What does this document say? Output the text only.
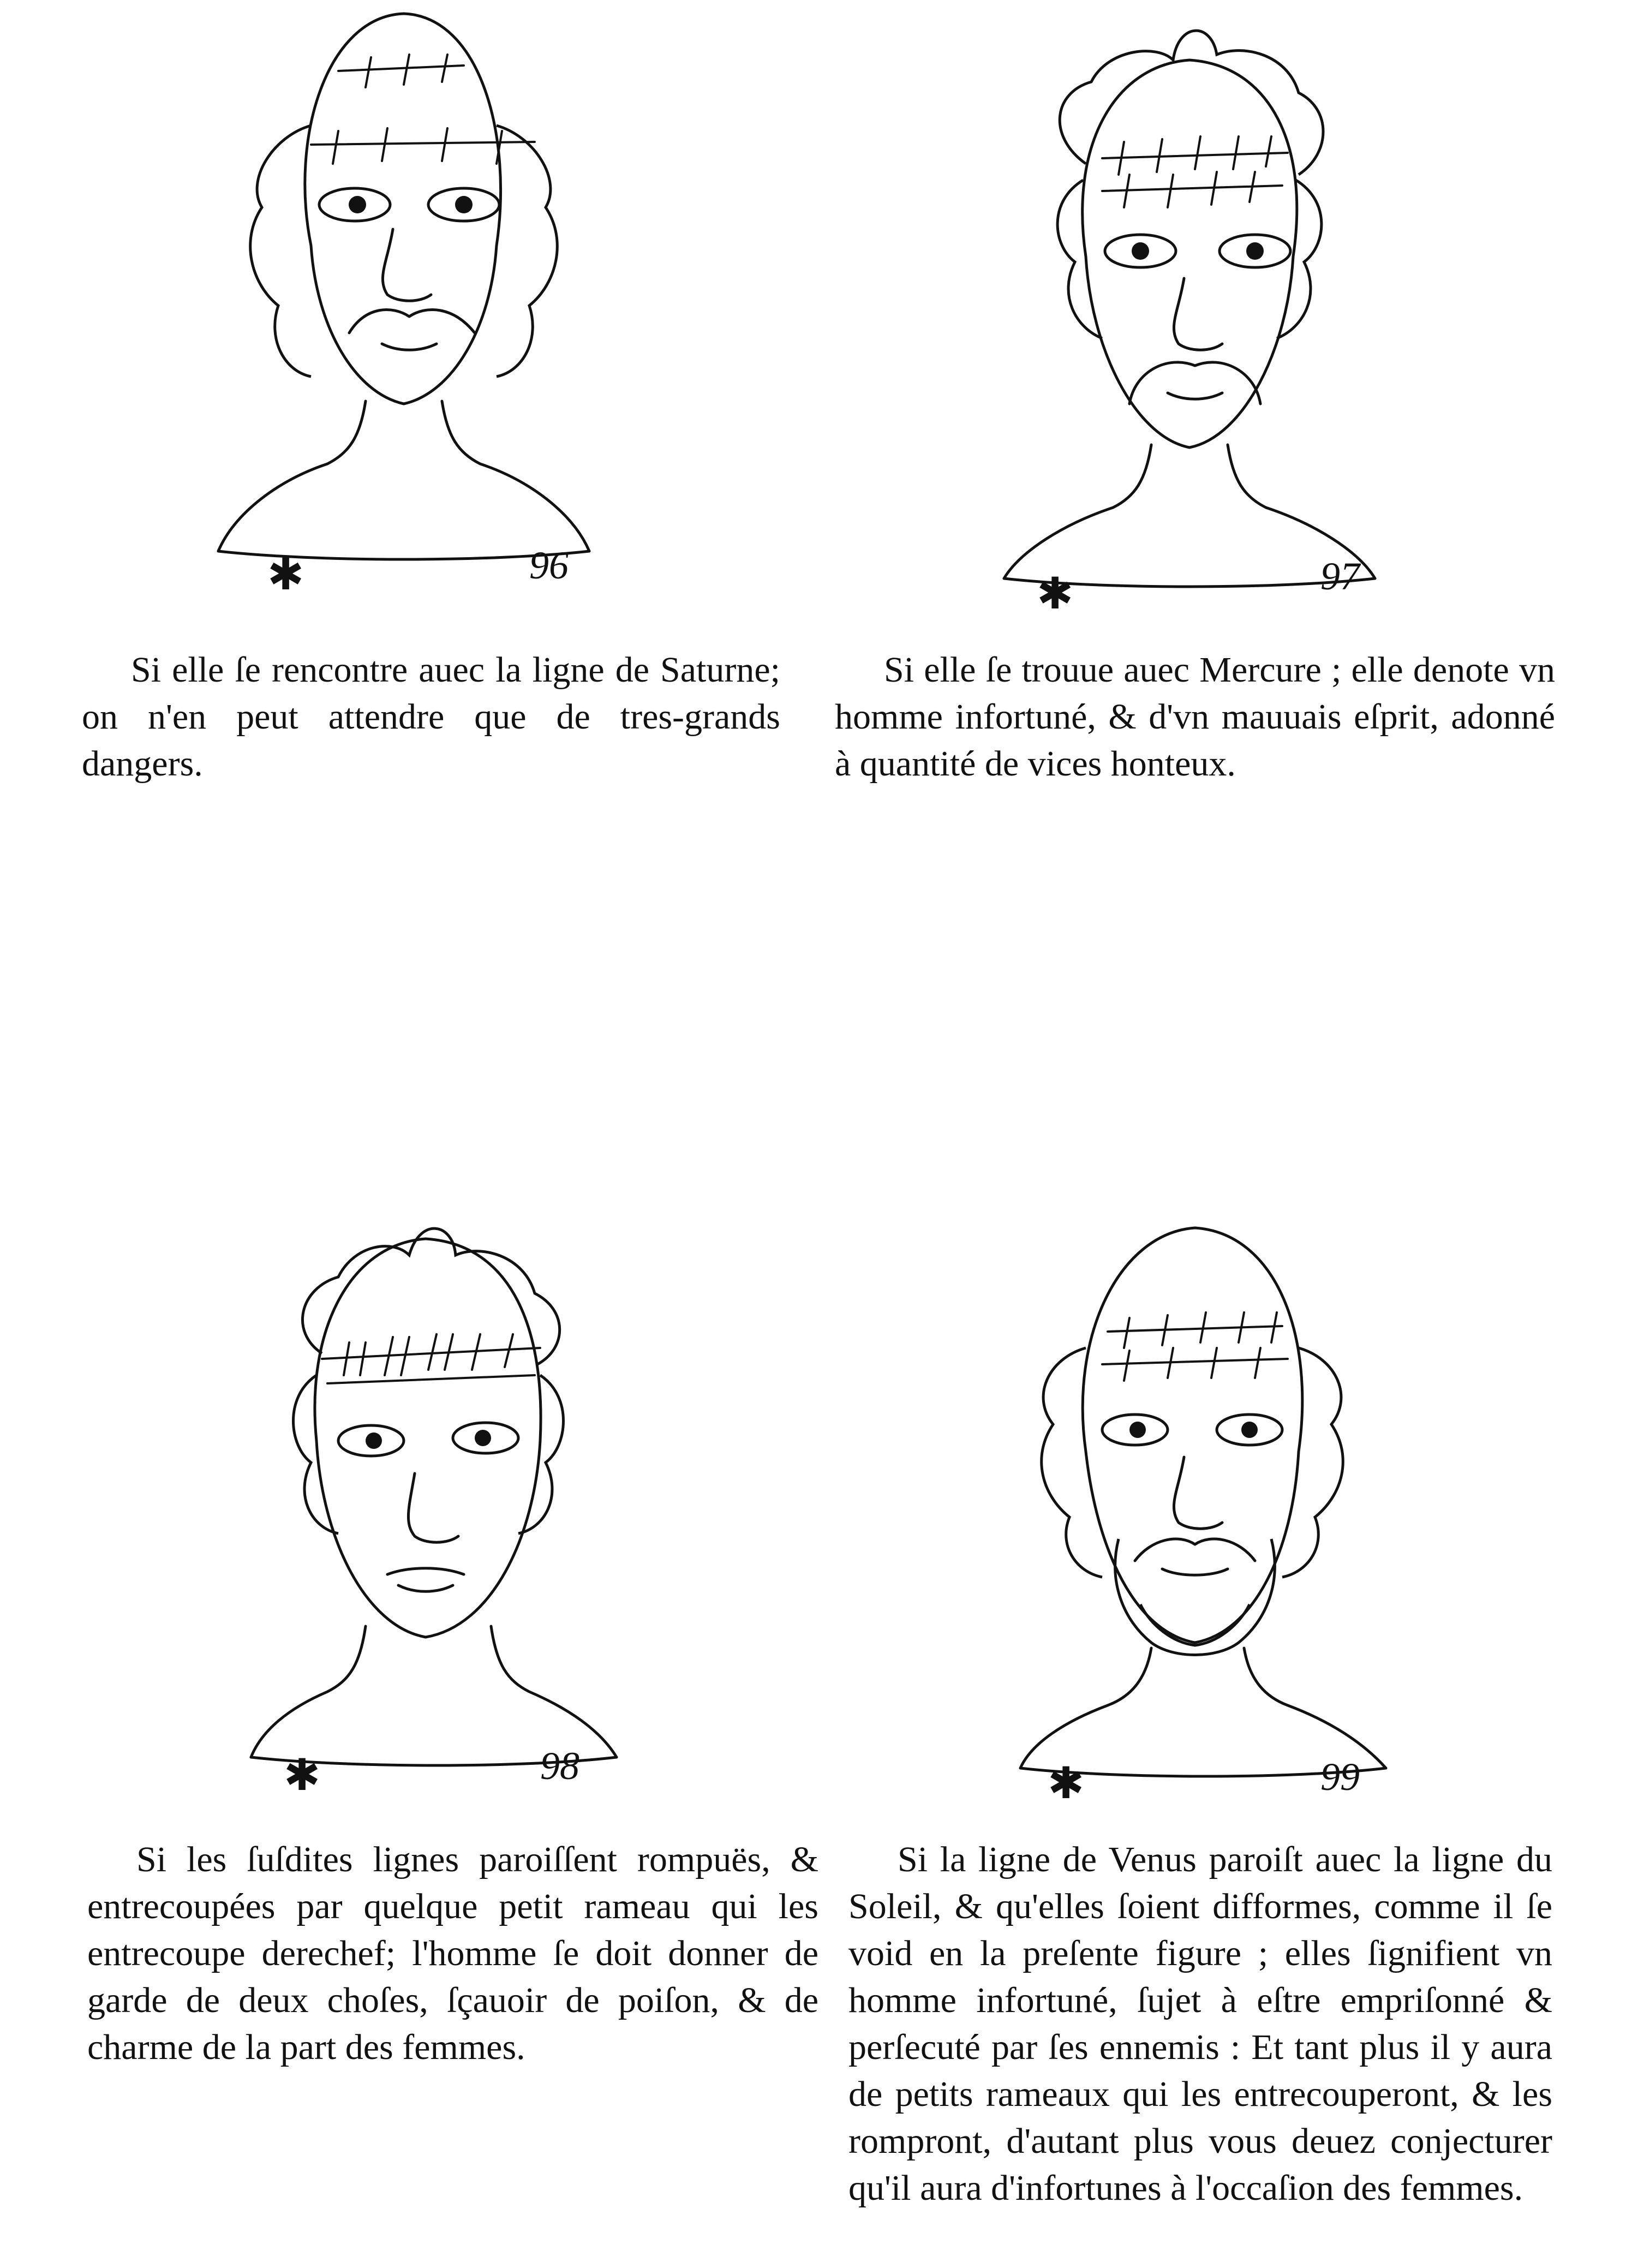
✱	96
✱	97

Si elle ſe rencontre auec la ligne de Saturne; on n'en peut attendre que de tres-grands dangers.

Si elle ſe trouue auec Mercure ; elle denote vn homme infortuné, & d'vn mauuais eſprit, adonné à quantité de vices honteux.

✱	98	✱	99

Si les ſuſdites lignes paroiſſent rompuës, & entrecoupées par quelque petit rameau qui les entrecoupe derechef; l'homme ſe doit donner de garde de deux choſes, ſçauoir de poiſon, & de charme de la part des femmes.

Si la ligne de Venus paroiſt auec la ligne du Soleil, & qu'elles ſoient difformes, comme il ſe void en la preſente figure ; elles ſignifient vn homme infortuné, ſujet à eſtre empriſonné & perſecuté par ſes ennemis : Et tant plus il y aura de petits rameaux qui les entrecouperont, & les rompront, d'autant plus vous deuez conjecturer qu'il aura d'infortunes à l'occaſion des femmes.
